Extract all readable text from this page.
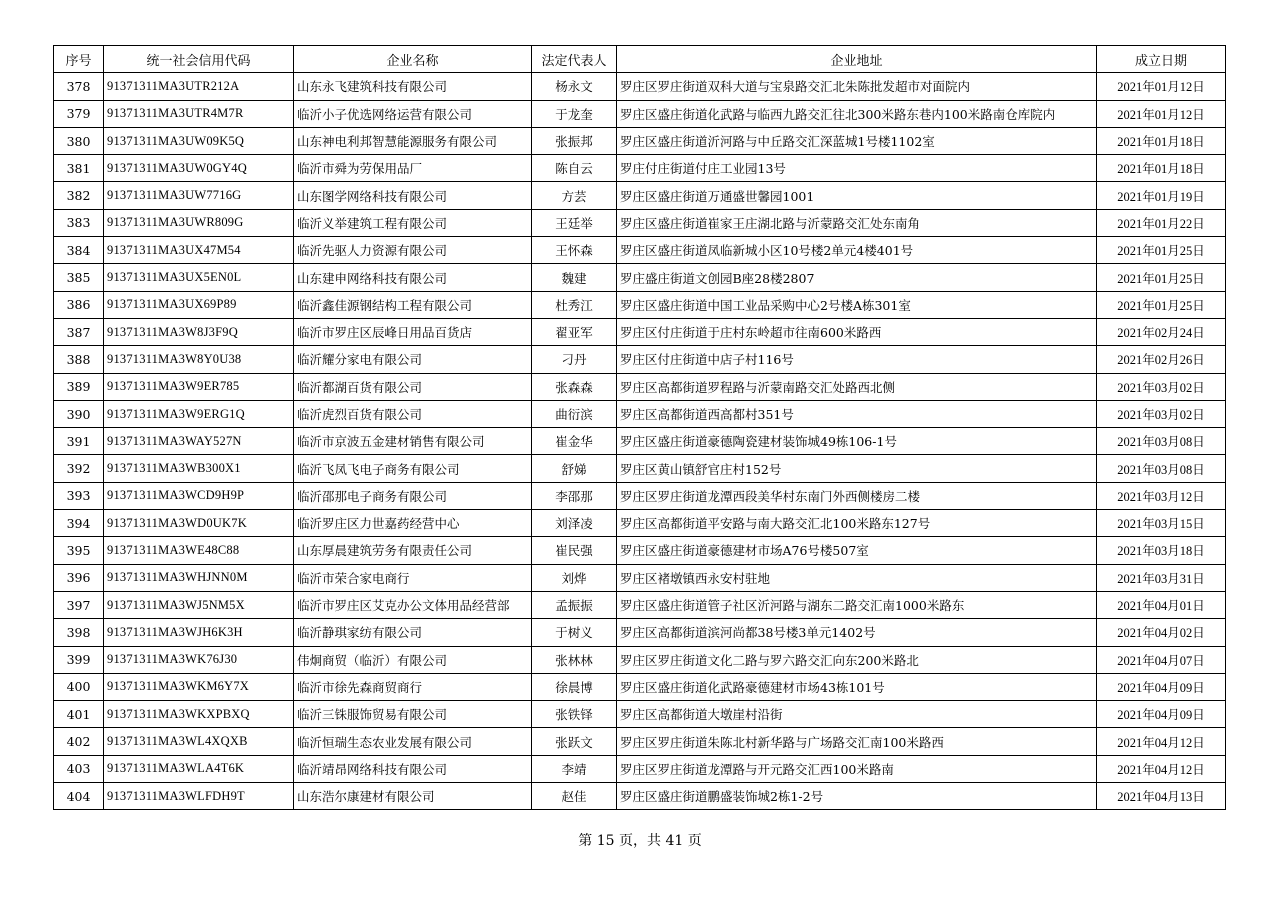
序号	统一社会信用代码	企业名称	法定代表人	企业地址	成立日期
378	91371311MA3UTR212A	山东永飞建筑科技有限公司	杨永文	罗庄区罗庄街道双科大道与宝泉路交汇北朱陈批发超市对面院内	2021年01月12日
379	91371311MA3UTR4M7R	临沂小子优选网络运营有限公司	于龙奎	罗庄区盛庄街道化武路与临西九路交汇往北300米路东巷内100米路南仓库院内	2021年01月12日
380	91371311MA3UW09K5Q	山东神电利邦智慧能源服务有限公司	张振邦	罗庄区盛庄街道沂河路与中丘路交汇深蓝城1号楼1102室	2021年01月18日
381	91371311MA3UW0GY4Q	临沂市舜为劳保用品厂	陈自云	罗庄付庄街道付庄工业园13号	2021年01月18日
382	91371311MA3UW7716G	山东图学网络科技有限公司	方芸	罗庄区盛庄街道万通盛世馨园1001	2021年01月19日
383	91371311MA3UWR809G	临沂义举建筑工程有限公司	王廷举	罗庄区盛庄街道崔家王庄湖北路与沂蒙路交汇处东南角	2021年01月22日
384	91371311MA3UX47M54	临沂先驱人力资源有限公司	王怀森	罗庄区盛庄街道凤临新城小区10号楼2单元4楼401号	2021年01月25日
385	91371311MA3UX5EN0L	山东建申网络科技有限公司	魏建	罗庄盛庄街道文创园B座28楼2807	2021年01月25日
386	91371311MA3UX69P89	临沂鑫佳源钢结构工程有限公司	杜秀江	罗庄区盛庄街道中国工业品采购中心2号楼A栋301室	2021年01月25日
387	91371311MA3W8J3F9Q	临沂市罗庄区辰峰日用品百货店	翟亚军	罗庄区付庄街道于庄村东岭超市往南600米路西	2021年02月24日
388	91371311MA3W8Y0U38	临沂耀分家电有限公司	刁丹	罗庄区付庄街道中店子村116号	2021年02月26日
389	91371311MA3W9ER785	临沂都湖百货有限公司	张森森	罗庄区高都街道罗程路与沂蒙南路交汇处路西北侧	2021年03月02日
390	91371311MA3W9ERG1Q	临沂虎烈百货有限公司	曲衍滨	罗庄区高都街道西高都村351号	2021年03月02日
391	91371311MA3WAY527N	临沂市京波五金建材销售有限公司	崔金华	罗庄区盛庄街道豪德陶瓷建材装饰城49栋106-1号	2021年03月08日
392	91371311MA3WB300X1	临沂飞凤飞电子商务有限公司	舒娣	罗庄区黄山镇舒官庄村152号	2021年03月08日
393	91371311MA3WCD9H9P	临沂邵那电子商务有限公司	李邵那	罗庄区罗庄街道龙潭西段美华村东南门外西侧楼房二楼	2021年03月12日
394	91371311MA3WD0UK7K	临沂罗庄区力世嘉药经营中心	刘泽凌	罗庄区高都街道平安路与南大路交汇北100米路东127号	2021年03月15日
395	91371311MA3WE48C88	山东厚晨建筑劳务有限责任公司	崔民强	罗庄区盛庄街道豪德建材市场A76号楼507室	2021年03月18日
396	91371311MA3WHJNN0M	临沂市荣合家电商行	刘烨	罗庄区褚墩镇西永安村驻地	2021年03月31日
397	91371311MA3WJ5NM5X	临沂市罗庄区艾克办公文体用品经营部	孟振振	罗庄区盛庄街道管子社区沂河路与湖东二路交汇南1000米路东	2021年04月01日
398	91371311MA3WJH6K3H	临沂静琪家纺有限公司	于树义	罗庄区高都街道滨河尚都38号楼3单元1402号	2021年04月02日
399	91371311MA3WK76J30	伟炯商贸（临沂）有限公司	张林林	罗庄区罗庄街道文化二路与罗六路交汇向东200米路北	2021年04月07日
400	91371311MA3WKM6Y7X	临沂市徐先森商贸商行	徐晨博	罗庄区盛庄街道化武路豪德建材市场43栋101号	2021年04月09日
401	91371311MA3WKXPBXQ	临沂三铢服饰贸易有限公司	张铁铎	罗庄区高都街道大墩崖村沿街	2021年04月09日
402	91371311MA3WL4XQXB	临沂恒瑞生态农业发展有限公司	张跃文	罗庄区罗庄街道朱陈北村新华路与广场路交汇南100米路西	2021年04月12日
403	91371311MA3WLA4T6K	临沂靖昂网络科技有限公司	李靖	罗庄区罗庄街道龙潭路与开元路交汇西100米路南	2021年04月12日
404	91371311MA3WLFDH9T	山东浩尔康建材有限公司	赵佳	罗庄区盛庄街道鹏盛装饰城2栋1-2号	2021年04月13日
第 15 页，共 41 页
